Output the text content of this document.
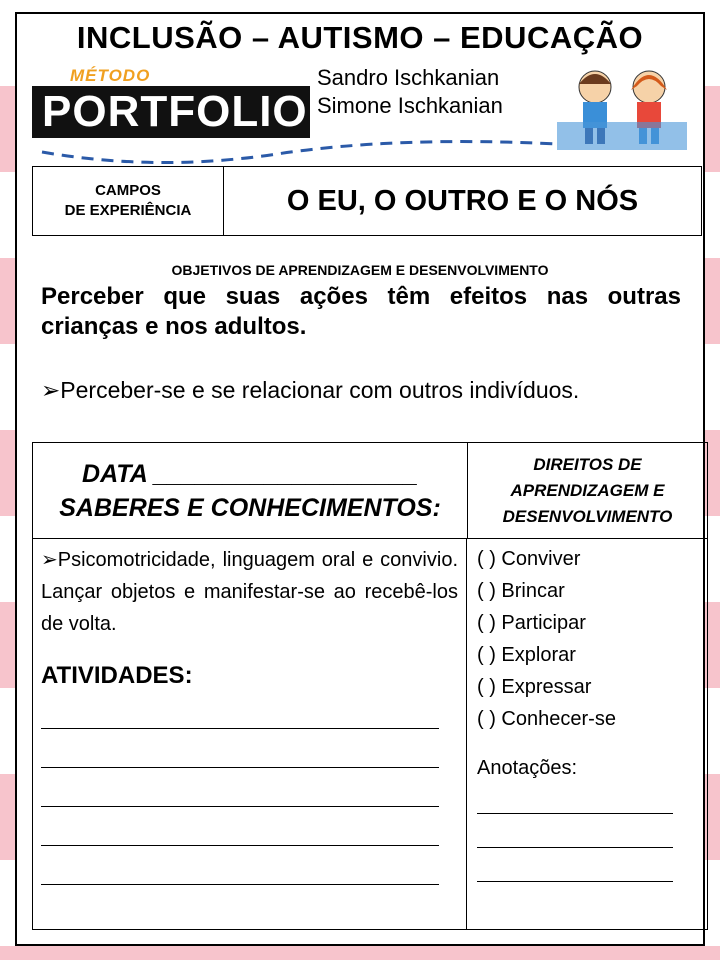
INCLUSÃO – AUTISMO – EDUCAÇÃO
MÉTODO
PORTFOLIO
Sandro Ischkanian
Simone Ischkanian
CAMPOS
DE EXPERIÊNCIA	O EU, O OUTRO E O NÓS
OBJETIVOS DE APRENDIZAGEM E DESENVOLVIMENTO
Perceber que suas ações têm efeitos nas outras crianças e nos adultos.
➢Perceber-se e se relacionar com outros indivíduos.
DATA ___________________
SABERES E CONHECIMENTOS:
DIREITOS DE APRENDIZAGEM E DESENVOLVIMENTO
➢Psicomotricidade, linguagem oral e convivio. Lançar objetos e manifestar-se ao recebê-los de volta.
ATIVIDADES:
( ) Conviver
( ) Brincar
( ) Participar
( ) Explorar
( ) Expressar
( ) Conhecer-se
Anotações:
